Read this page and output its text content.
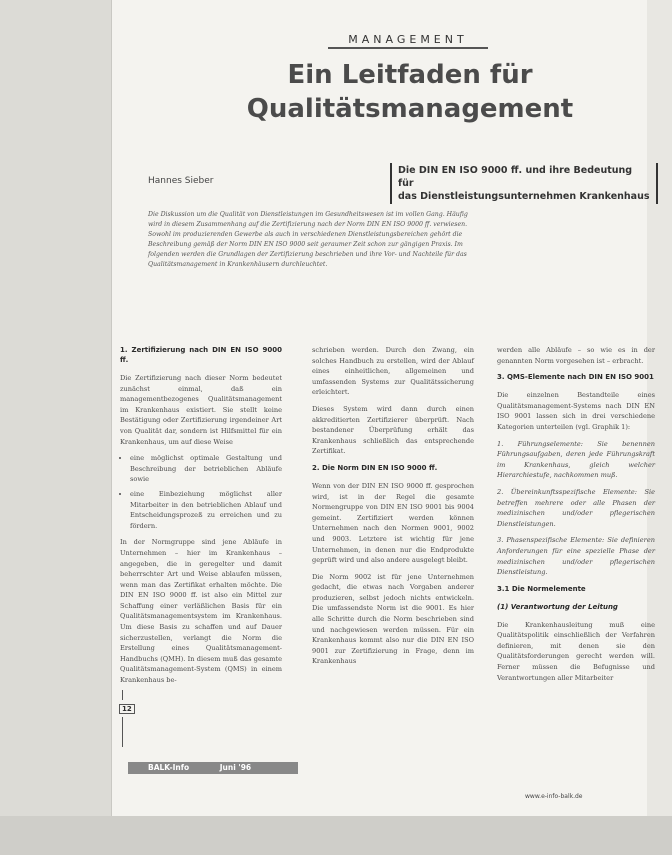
MANAGEMENT
Ein Leitfaden für
Qualitätsmanagement
Hannes Sieber
Die DIN EN ISO 9000 ff. und ihre Bedeutung für
das Dienstleistungsunternehmen Krankenhaus
Die Diskussion um die Qualität von Dienstleistungen im Gesundheitswesen ist im vollen Gang. Häufig wird in diesem Zusammenhang auf die Zertifizierung nach der Norm DIN EN ISO 9000 ff. verwiesen. Sowohl im produzierenden Gewerbe als auch in verschiedenen Dienstleistungsbereichen gehört die Beschreibung gemäß der Norm DIN EN ISO 9000 seit geraumer Zeit schon zur gängigen Praxis. Im folgenden werden die Grundlagen der Zertifizierung beschrieben und ihre Vor- und Nachteile für das Qualitätsmanagement in Krankenhäusern durchleuchtet.
1. Zertifizierung nach DIN EN ISO 9000 ff.

Die Zertifizierung nach dieser Norm bedeutet zunächst einmal, daß ein managementbezogenes Qualitätsmanagement im Krankenhaus existiert. Sie stellt keine Bestätigung oder Zertifizierung irgendeiner Art von Qualität dar, sondern ist Hilfsmittel für ein Krankenhaus, um auf diese Weise

• eine möglichst optimale Gestaltung und Beschreibung der betrieblichen Abläufe sowie
• eine Einbeziehung möglichst aller Mitarbeiter in den betrieblichen Ablauf und Entscheidungsprozeß zu erreichen und zu fördern.

In der Normgruppe sind jene Abläufe in Unternehmen – hier im Krankenhaus – angegeben, die in geregelter und damit beherrschter Art und Weise ablaufen müssen, wenn man das Zertifikat erhalten möchte. Die DIN EN ISO 9000 ff. ist also ein Mittel zur Schaffung einer verläßlichen Basis für ein Qualitätsmanagementsystem im Krankenhaus. Um diese Basis zu schaffen und auf Dauer sicherzustellen, verlangt die Norm die Erstellung eines Qualitätsmanagement-Handbuchs (QMH). In diesem muß das gesamte Qualitätsmanagement-System (QMS) in einem Krankenhaus be-

schrieben werden. Durch den Zwang, ein solches Handbuch zu erstellen, wird der Ablauf eines einheitlichen, allgemeinen und umfassenden Systems zur Qualitätssicherung erleichtert.

Dieses System wird dann durch einen akkreditierten Zertifizierer überprüft. Nach bestandener Überprüfung erhält das Krankenhaus schließlich das entsprechende Zertifikat.

2. Die Norm DIN EN ISO 9000 ff.

Wenn von der DIN EN ISO 9000 ff. gesprochen wird, ist in der Regel die gesamte Normengruppe von DIN EN ISO 9001 bis 9004 gemeint. Zertifiziert werden können Unternehmen nach den Normen 9001, 9002 und 9003. Letztere ist wichtig für jene Unternehmen, in denen nur die Endprodukte geprüft wird und also andere ausgelegt bleibt.

Die Norm 9002 ist für jene Unternehmen gedacht, die etwas nach Vorgaben anderer produzieren, selbst jedoch nichts entwickeln. Die umfassendste Norm ist die 9001. Es hier alle Schritte durch die Norm beschrieben sind und nachgewiesen werden müssen. Für ein Krankenhaus kommt also nur die DIN EN ISO 9001 zur Zertifizierung in Frage, denn im Krankenhaus

werden alle Abläufe – so wie es in der genannten Norm vorgesehen ist – erbracht.

3. QMS-Elemente nach DIN EN ISO 9001

Die einzelnen Bestandteile eines Qualitätsmanagement-Systems nach DIN EN ISO 9001 lassen sich in drei verschiedene Kategorien unterteilen (vgl. Graphik 1):

1. Führungselemente: Sie benennen Führungsaufgaben, deren jede Führungskraft im Krankenhaus, gleich welcher Hierarchiestufe, nachkommen muß.

2. Übereinkunftsspezifische Elemente: Sie betreffen mehrere oder alle Phasen der medizinischen und/oder pflegerischen Dienstleistungen.

3. Phasenspezifische Elemente: Sie definieren Anforderungen für eine spezielle Phase der medizinischen und/oder pflegerischen Dienstleistung.

3.1 Die Normelemente
(1) Verantwortung der Leitung

Die Krankenhausleitung muß eine Qualitätspolitik einschließlich der Verfahren definieren, mit denen sie den Qualitätsforderungen gerecht werden will. Ferner müssen die Befugnisse und Verantwortungen aller Mitarbeiter

12
BALK-Info	Juni '96
www.e-info-balk.de
